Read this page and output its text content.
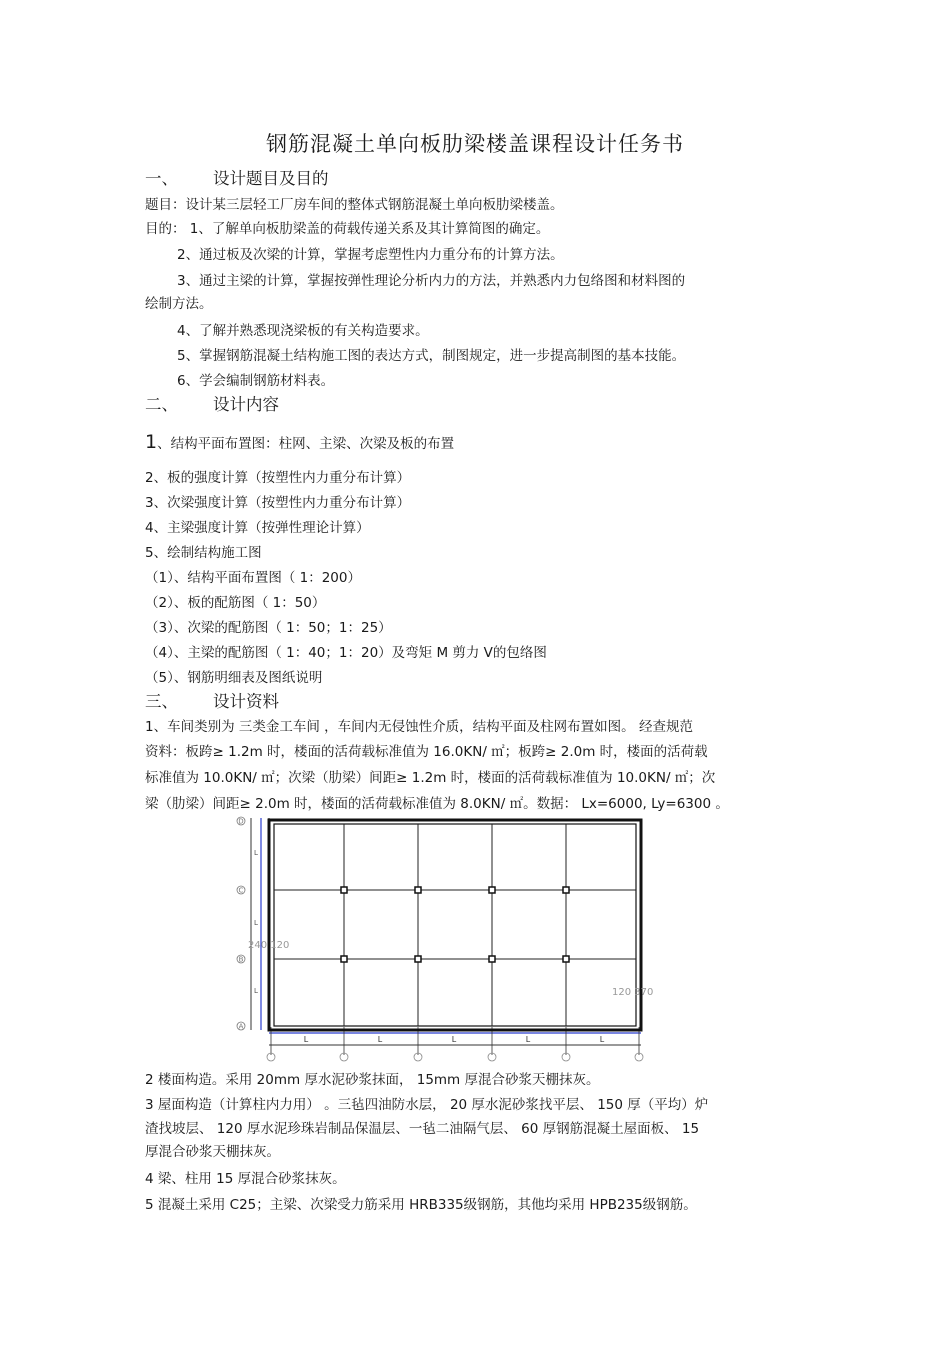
钢筋混凝土单向板肋梁楼盖课程设计任务书
一、 设计题目及目的
题目：设计某三层轻工厂房车间的整体式钢筋混凝土单向板肋梁楼盖。
目的： 1、了解单向板肋梁盖的荷载传递关系及其计算简图的确定。
2、通过板及次梁的计算，掌握考虑塑性内力重分布的计算方法。
3、通过主梁的计算，掌握按弹性理论分析内力的方法，并熟悉内力包络图和材料图的
绘制方法。
4、了解并熟悉现浇梁板的有关构造要求。
5、掌握钢筋混凝土结构施工图的表达方式，制图规定，进一步提高制图的基本技能。
6、学会编制钢筋材料表。
二、 设计内容
1、结构平面布置图：柱网、主梁、次梁及板的布置
2、板的强度计算（按塑性内力重分布计算）
3、次梁强度计算（按塑性内力重分布计算）
4、主梁强度计算（按弹性理论计算）
5、绘制结构施工图
（1）、结构平面布置图（ 1：200）
（2）、板的配筋图（ 1：50）
（3）、次梁的配筋图（ 1：50；1：25）
（4）、主梁的配筋图（ 1：40；1：20）及弯矩 M 剪力 V的包络图
（5）、钢筋明细表及图纸说明
三、 设计资料
1、车间类别为 三类金工车间 ，车间内无侵蚀性介质，结构平面及柱网布置如图。 经查规范
资料：板跨≥ 1.2m 时，楼面的活荷载标准值为 16.0KN/ ㎡；板跨≥ 2.0m 时，楼面的活荷载
标准值为 10.0KN/ ㎡；次梁（肋梁）间距≥ 1.2m 时，楼面的活荷载标准值为 10.0KN/ ㎡；次
梁（肋梁）间距≥ 2.0m 时，楼面的活荷载标准值为 8.0KN/ ㎡。数据： Lx=6000, Ly=6300 。
L
L
L
D
C
B
A
L	L	L	L	L
240 120
120 370
2 楼面构造。采用 20mm 厚水泥砂浆抹面， 15mm 厚混合砂浆天棚抹灰。
3 屋面构造（计算柱内力用） 。三毡四油防水层， 20 厚水泥砂浆找平层、 150 厚（平均）炉
渣找坡层、 120 厚水泥珍珠岩制品保温层、一毡二油隔气层、 60 厚钢筋混凝土屋面板、 15
厚混合砂浆天棚抹灰。
4 梁、柱用 15 厚混合砂浆抹灰。
5 混凝土采用 C25；主梁、次梁受力筋采用 HRB335级钢筋，其他均采用 HPB235级钢筋。
